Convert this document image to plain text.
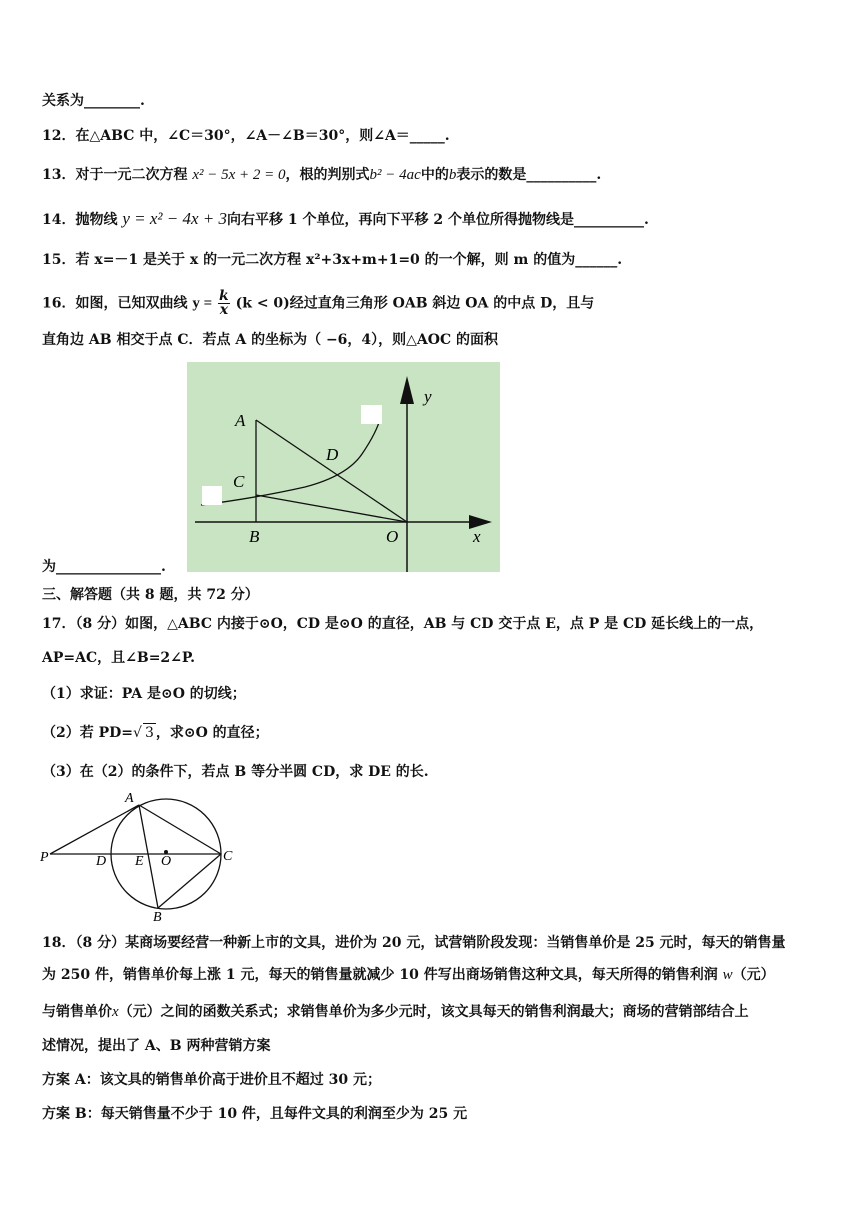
关系为________.
12．在△ABC 中，∠C＝30°，∠A－∠B＝30°，则∠A＝_____.
13．对于一元二次方程 x² − 5x + 2 = 0，根的判别式b² − 4ac中的b表示的数是__________.
14．抛物线 y = x² − 4x + 3向右平移 1 个单位，再向下平移 2 个单位所得抛物线是__________.
15．若 x=－1 是关于 x 的一元二次方程 x²+3x+m+1=0 的一个解，则 m 的值为______.
16．如图，已知双曲线 $y = \frac{k}{x} (k < 0)$经过直角三角形 OAB 斜边 OA 的中点 D，且与
直角边 AB 相交于点 C．若点 A 的坐标为（ −6，4），则△AOC 的面积
A
C
D
B	O	x
y
为_______________.
三、解答题（共 8 题，共 72 分）
17．（8 分）如图，△ABC 内接于⊙O，CD 是⊙O 的直径，AB 与 CD 交于点 E，点 P 是 CD 延长线上的一点，
AP=AC，且∠B=2∠P.
（1）求证：PA 是⊙O 的切线；
（2）若 PD=√ 3 ，求⊙O 的直径；
（3）在（2）的条件下，若点 B 等分半圆 CD，求 DE 的长.
A
P	D E O	C
B
18．（8 分）某商场要经营一种新上市的文具，进价为 20 元，试营销阶段发现：当销售单价是 25 元时，每天的销售量
为 250 件，销售单价每上涨 1 元，每天的销售量就减少 10 件写出商场销售这种文具，每天所得的销售利润 w（元）
与销售单价x（元）之间的函数关系式；求销售单价为多少元时，该文具每天的销售利润最大；商场的营销部结合上
述情况，提出了 A、B 两种营销方案
方案 A：该文具的销售单价高于进价且不超过 30 元；
方案 B：每天销售量不少于 10 件，且每件文具的利润至少为 25 元
